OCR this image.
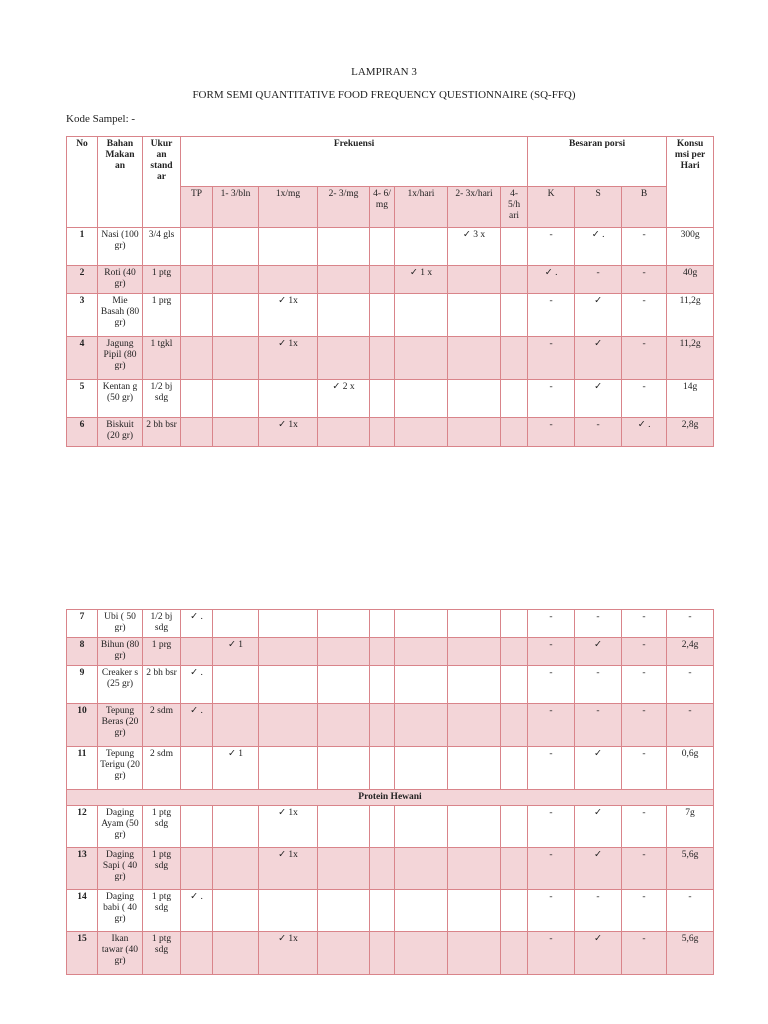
LAMPIRAN 3
FORM SEMI QUANTITATIVE FOOD FREQUENCY QUESTIONNAIRE (SQ-FFQ)
Kode Sampel: -
No	Bahan Makan an	Ukur an stand ar	Frekuensi								Besaran porsi			Konsu msi per Hari
			TP	1- 3/bln	1x/mg	2- 3/mg	4- 6/ mg	1x/hari	2- 3x/hari	4- 5/h ari	K	S	B	
1	Nasi (100 gr)	3/4 gls							✓ 3 x		-	✓ .	-	300g
2	Roti (40 gr)	1 ptg						✓ 1 x			✓ .	-	-	40g
3	Mie Basah (80 gr)	1 prg			✓ 1x						-	✓	-	11,2g
4	Jagung Pipil (80 gr)	1 tgkl			✓ 1x						-	✓	-	11,2g
5	Kentan g (50 gr)	1/2 bj sdg				✓ 2 x					-	✓	-	14g
6	Biskuit (20 gr)	2 bh bsr			✓ 1x						-	-	✓ .	2,8g
7	Ubi ( 50 gr)	1/2 bj sdg	✓ .								-	-	-	-
8	Bihun (80 gr)	1 prg		✓ 1							-	✓	-	2,4g
9	Creaker s (25 gr)	2 bh bsr	✓ .								-	-	-	-
10	Tepung Beras (20 gr)	2 sdm	✓ .								-	-	-	-
11	Tepung Terigu (20 gr)	2 sdm		✓ 1							-	✓	-	0,6g
Protein Hewani														
12	Daging Ayam (50 gr)	1 ptg sdg			✓ 1x						-	✓	-	7g
13	Daging Sapi ( 40 gr)	1 ptg sdg			✓ 1x						-	✓	-	5,6g
14	Daging babi ( 40 gr)	1 ptg sdg	✓ .								-	-	-	-
15	Ikan tawar (40 gr)	1 ptg sdg			✓ 1x						-	✓	-	5,6g
